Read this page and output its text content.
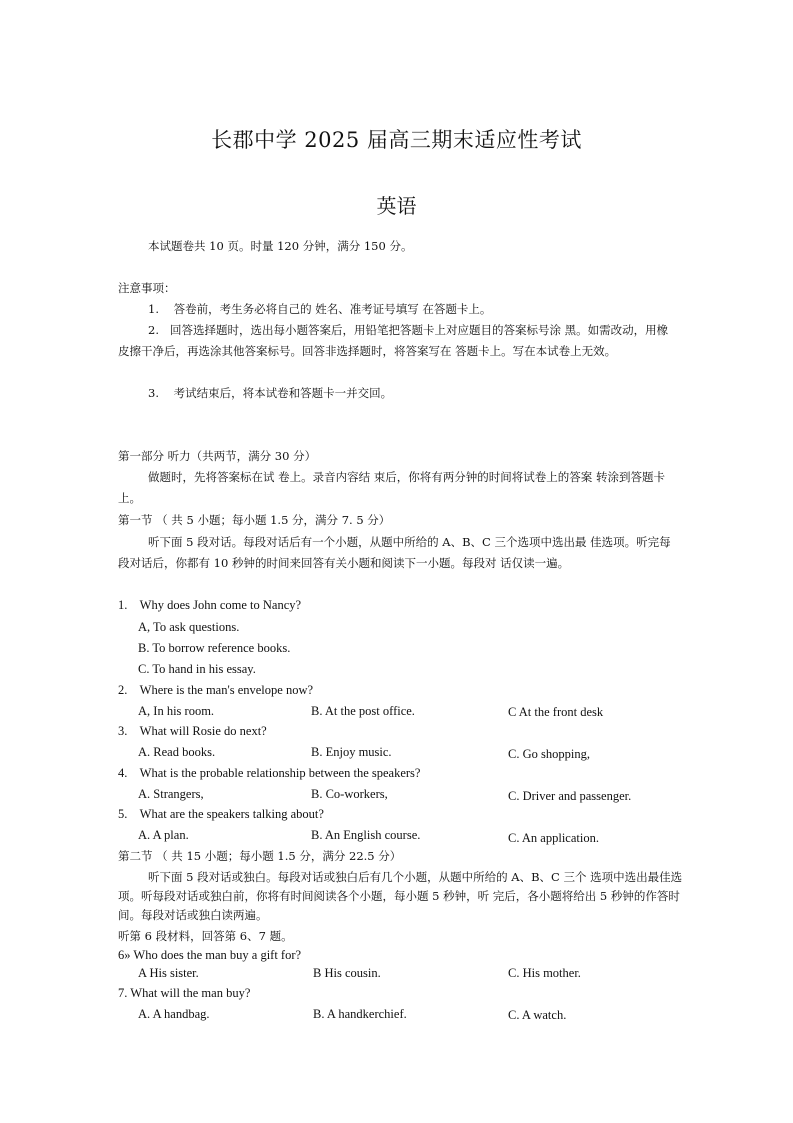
长郡中学 2025 届高三期末适应性考试
英语
本试题卷共 10 页。时量 120 分钟，满分 150 分。
注意事项：
1. 答卷前，考生务必将自己的 姓名、准考证号填写 在答题卡上。
2. 回答选择题时，选出每小题答案后，用铅笔把答题卡上对应题目的答案标号涂 黑。如需改动，用橡皮擦干净后，再选涂其他答案标号。回答非选择题时，将答案写在 答题卡上。写在本试卷上无效。
3. 考试结束后，将本试卷和答题卡一并交回。
第一部分 听力（共两节，满分 30 分）
做题时，先将答案标在试 卷上。录音内容结 束后，你将有两分钟的时间将试卷上的答案 转涂到答题卡上。
第一节 （ 共 5 小题；每小题 1.5 分，满分 7. 5 分）
听下面 5 段对话。每段对话后有一个小题，从题中所给的 A、B、C 三个选项中选出最 佳选项。听完每段对话后，你都有 10 秒钟的时间来回答有关小题和阅读下一小题。每段对 话仅读一遍。
1. Why does John come to Nancy?
A, To ask questions.
B. To borrow reference books.
C. To hand in his essay.
2. Where is the man's envelope now?
A, In his room.	B. At the post office.	C At the front desk
3. What will Rosie do next?
A. Read books.	B. Enjoy music.	C. Go shopping,
4. What is the probable relationship between the speakers?
A. Strangers,	B. Co-workers,	C. Driver and passenger.
5. What are the speakers talking about?
A. A plan.	B. An English course.	C. An application.
第二节 （ 共 15 小题；每小题 1.5 分，满分 22.5 分）
听下面 5 段对话或独白。每段对话或独白后有几个小题，从题中所给的 A、B、C 三个 选项中选出最佳选项。听每段对话或独白前，你将有时间阅读各个小题，每小题 5 秒钟，听 完后，各小题将给出 5 秒钟的作答时间。每段对话或独白读两遍。
听第 6 段材料，回答第 6、7 题。
6» Who does the man buy a gift for?
A His sister.	B His cousin.	C. His mother.
7. What will the man buy?
A. A handbag.	B. A handkerchief.	C. A watch.
